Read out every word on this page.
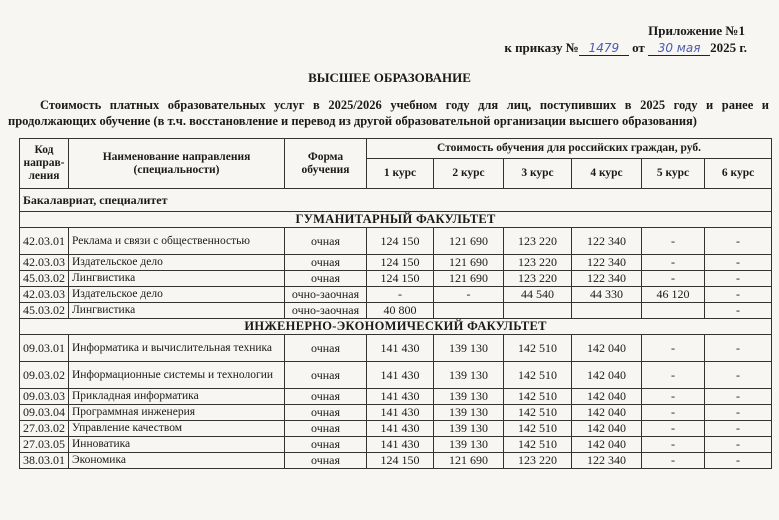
Приложение №1
к приказу № 1479 от 30 мая 2025 г.
ВЫСШЕЕ ОБРАЗОВАНИЕ
Стоимость платных образовательных услуг в 2025/2026 учебном году для лиц, поступивших в 2025 году и ранее и продолжающих обучение (в т.ч. восстановление и перевод из другой образовательной организации высшего образования)
Код направ-ления	Наименование направления (специальности)	Форма обучения	Стоимость обучения для российских граждан, руб.					
			1 курс	2 курс	3 курс	4 курс	5 курс	6 курс
Бакалавриат, специалитет								
ГУМАНИТАРНЫЙ ФАКУЛЬТЕТ								
42.03.01	Реклама и связи с общественностью	очная	124 150	121 690	123 220	122 340	-	-
42.03.03	Издательское дело	очная	124 150	121 690	123 220	122 340	-	-
45.03.02	Лингвистика	очная	124 150	121 690	123 220	122 340	-	-
42.03.03	Издательское дело	очно-заочная	-	-	44 540	44 330	46 120	-
45.03.02	Лингвистика	очно-заочная	40 800					-
ИНЖЕНЕРНО-ЭКОНОМИЧЕСКИЙ ФАКУЛЬТЕТ								
09.03.01	Информатика и вычислительная техника	очная	141 430	139 130	142 510	142 040	-	-
09.03.02	Информационные системы и технологии	очная	141 430	139 130	142 510	142 040	-	-
09.03.03	Прикладная информатика	очная	141 430	139 130	142 510	142 040	-	-
09.03.04	Программная инженерия	очная	141 430	139 130	142 510	142 040	-	-
27.03.02	Управление качеством	очная	141 430	139 130	142 510	142 040	-	-
27.03.05	Инноватика	очная	141 430	139 130	142 510	142 040	-	-
38.03.01	Экономика	очная	124 150	121 690	123 220	122 340	-	-
